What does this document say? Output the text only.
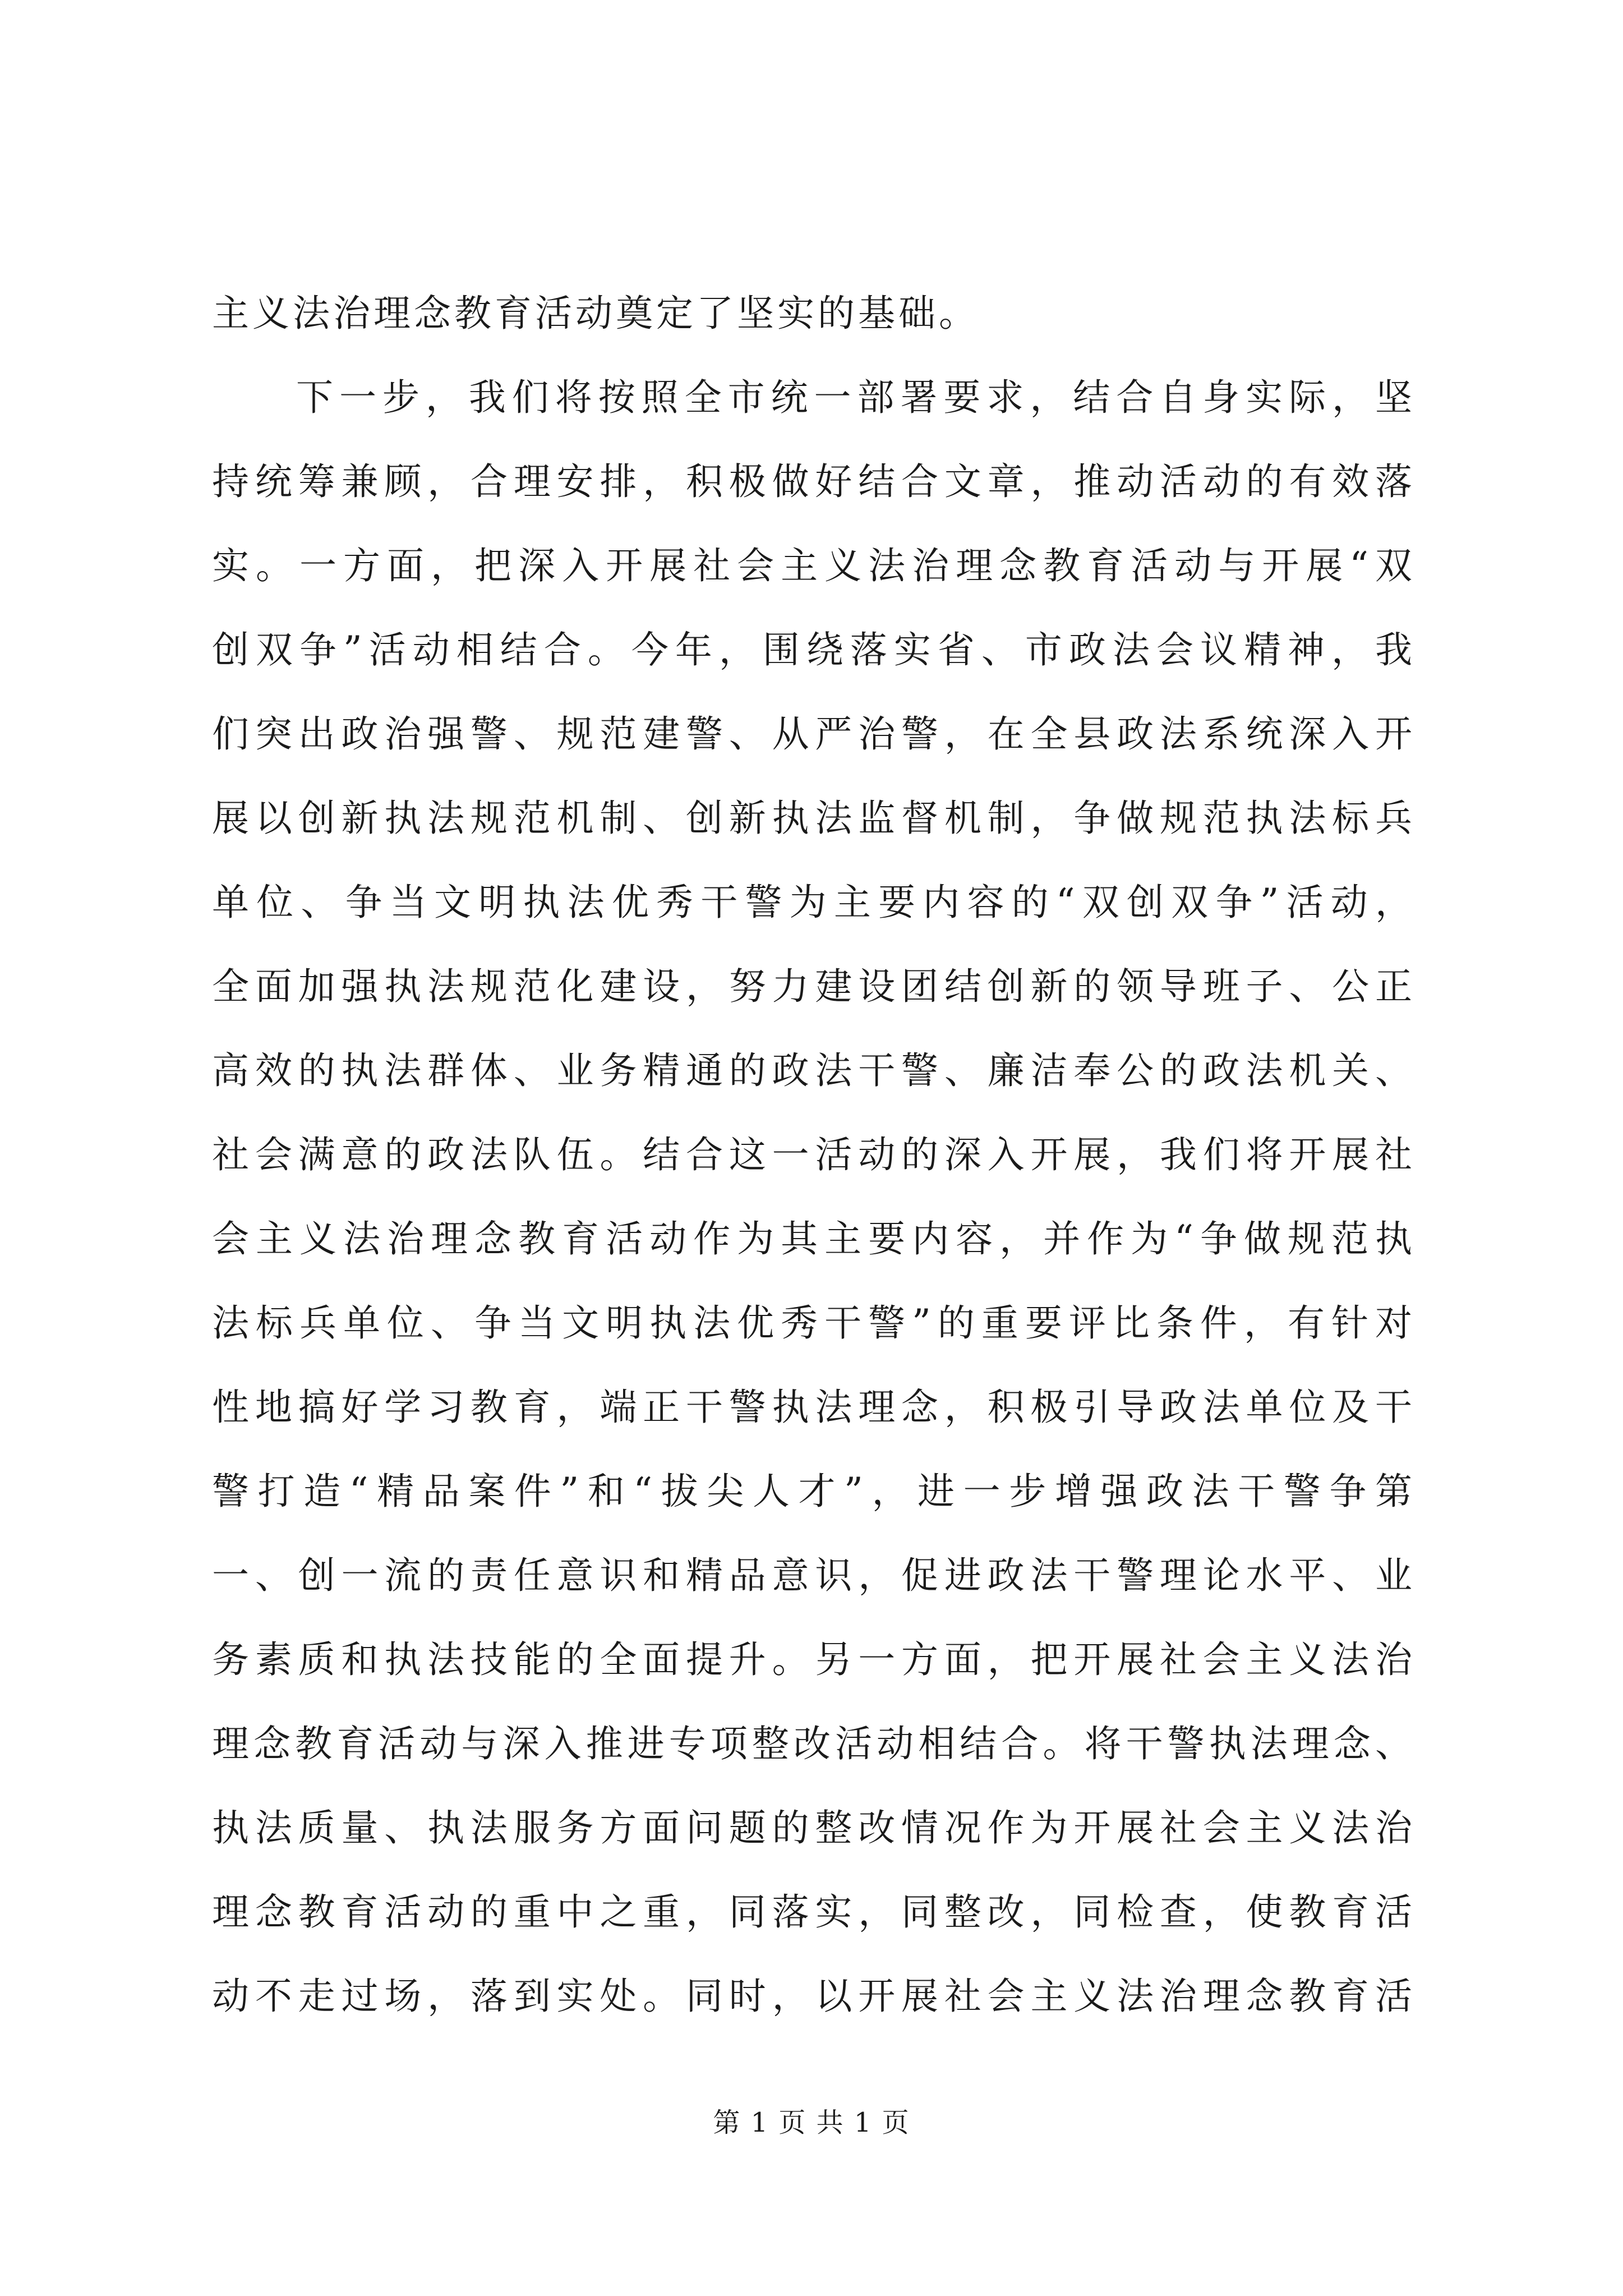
主义法治理念教育活动奠定了坚实的基础。
下一步，我们将按照全市统一部署要求，结合自身实际，坚
持统筹兼顾，合理安排，积极做好结合文章，推动活动的有效落
实。一方面，把深入开展社会主义法治理念教育活动与开展“双
创双争”活动相结合。今年，围绕落实省、市政法会议精神，我
们突出政治强警、规范建警、从严治警，在全县政法系统深入开
展以创新执法规范机制、创新执法监督机制，争做规范执法标兵
单位、争当文明执法优秀干警为主要内容的“双创双争”活动，
全面加强执法规范化建设，努力建设团结创新的领导班子、公正
高效的执法群体、业务精通的政法干警、廉洁奉公的政法机关、
社会满意的政法队伍。结合这一活动的深入开展，我们将开展社
会主义法治理念教育活动作为其主要内容，并作为“争做规范执
法标兵单位、争当文明执法优秀干警”的重要评比条件，有针对
性地搞好学习教育，端正干警执法理念，积极引导政法单位及干
警打造“精品案件”和“拔尖人才”，进一步增强政法干警争第
一、创一流的责任意识和精品意识，促进政法干警理论水平、业
务素质和执法技能的全面提升。另一方面，把开展社会主义法治
理念教育活动与深入推进专项整改活动相结合。将干警执法理念、
执法质量、执法服务方面问题的整改情况作为开展社会主义法治
理念教育活动的重中之重，同落实，同整改，同检查，使教育活
动不走过场，落到实处。同时，以开展社会主义法治理念教育活
第 1 页 共 1 页
